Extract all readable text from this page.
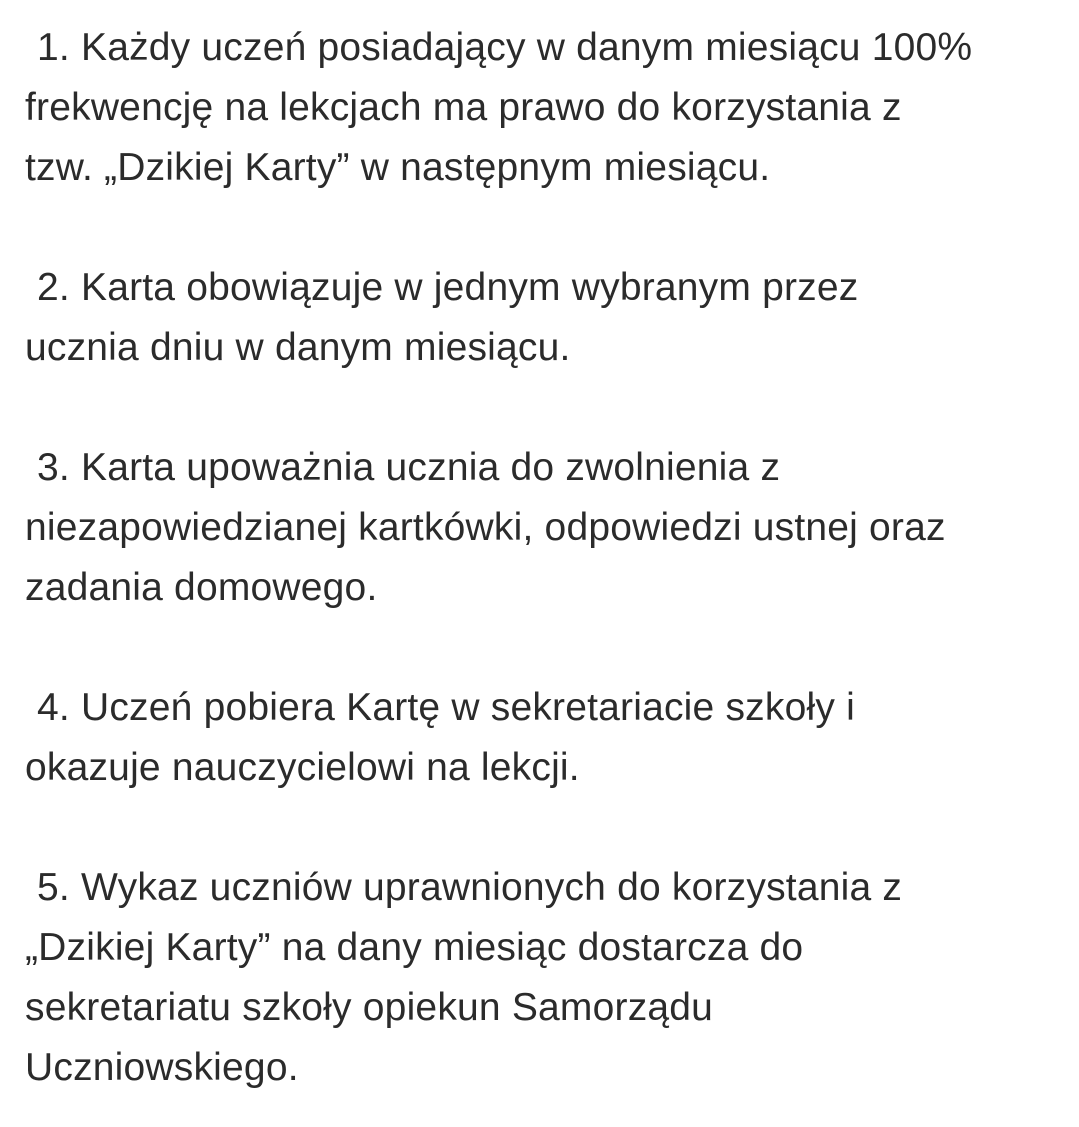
1. Każdy uczeń posiadający w danym miesiącu 100%
frekwencję na lekcjach ma prawo do korzystania z
tzw. „Dzikiej Karty” w następnym miesiącu.
2. Karta obowiązuje w jednym wybranym przez
ucznia dniu w danym miesiącu.
3. Karta upoważnia ucznia do zwolnienia z
niezapowiedzianej kartkówki, odpowiedzi ustnej oraz
zadania domowego.
4. Uczeń pobiera Kartę w sekretariacie szkoły i
okazuje nauczycielowi na lekcji.
5. Wykaz uczniów uprawnionych do korzystania z
„Dzikiej Karty” na dany miesiąc dostarcza do
sekretariatu szkoły opiekun Samorządu
Uczniowskiego.
